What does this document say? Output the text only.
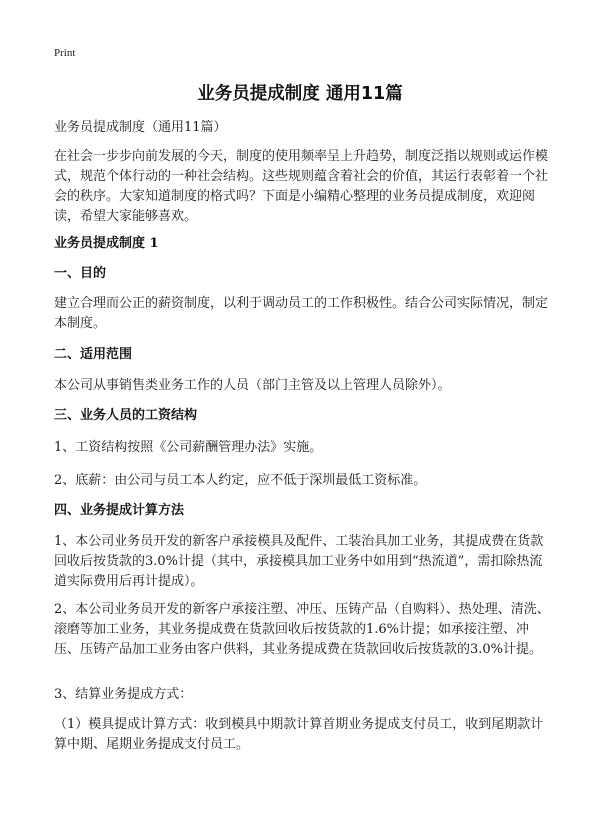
Print
业务员提成制度 通用11篇
业务员提成制度（通用11篇）
在社会一步步向前发展的今天，制度的使用频率呈上升趋势，制度泛指以规则或运作模式，规范个体行动的一种社会结构。这些规则蕴含着社会的价值，其运行表彰着一个社会的秩序。大家知道制度的格式吗？下面是小编精心整理的业务员提成制度，欢迎阅读，希望大家能够喜欢。
业务员提成制度 1
一、目的
建立合理而公正的薪资制度，以利于调动员工的工作积极性。结合公司实际情况，制定本制度。
二、适用范围
本公司从事销售类业务工作的人员（部门主管及以上管理人员除外）。
三、业务人员的工资结构
1、工资结构按照《公司薪酬管理办法》实施。
2、底薪：由公司与员工本人约定，应不低于深圳最低工资标准。
四、业务提成计算方法
1、本公司业务员开发的新客户承接模具及配件、工装治具加工业务，其提成费在货款回收后按货款的3.0%计提（其中，承接模具加工业务中如用到“热流道”，需扣除热流道实际费用后再计提成）。
2、本公司业务员开发的新客户承接注塑、冲压、压铸产品（自购料）、热处理、清洗、滚磨等加工业务，其业务提成费在货款回收后按货款的1.6%计提；如承接注塑、冲压、压铸产品加工业务由客户供料，其业务提成费在货款回收后按货款的3.0%计提。
3、结算业务提成方式：
（1）模具提成计算方式：收到模具中期款计算首期业务提成支付员工，收到尾期款计算中期、尾期业务提成支付员工。
